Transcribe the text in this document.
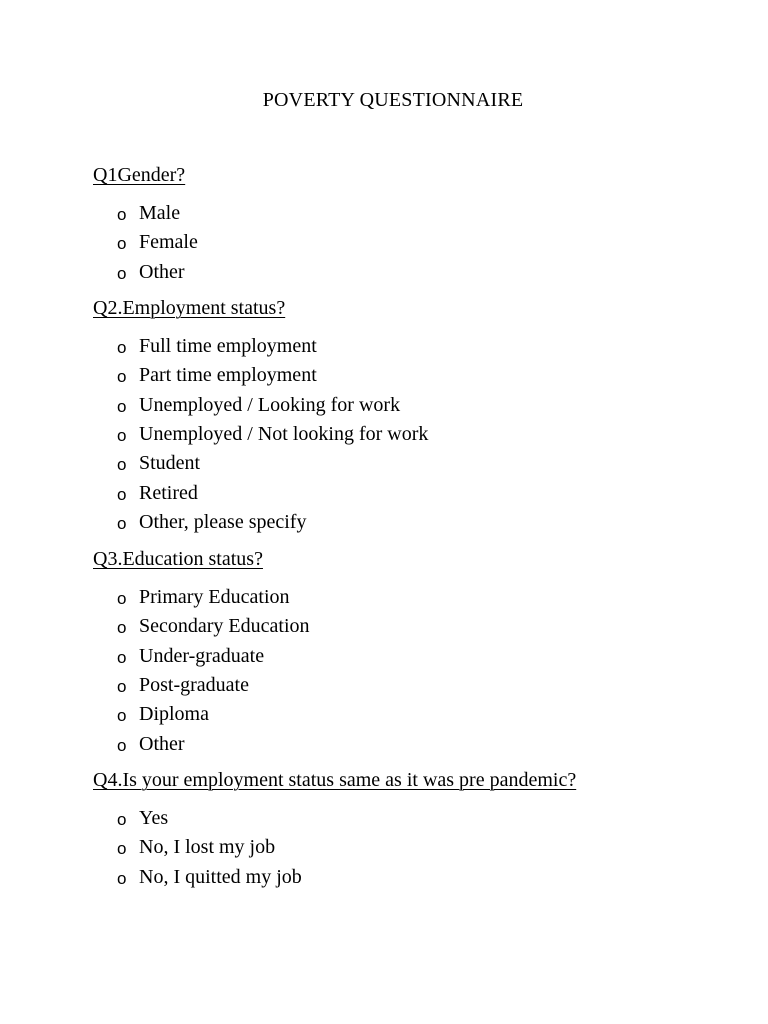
POVERTY QUESTIONNAIRE
Q1Gender?
o Male
o Female
o Other
Q2.Employment status?
o Full time employment
o Part time employment
o Unemployed / Looking for work
o Unemployed / Not looking for work
o Student
o Retired
o Other, please specify
Q3.Education status?
o Primary Education
o Secondary Education
o Under-graduate
o Post-graduate
o Diploma
o Other
Q4.Is your employment status same as it was pre pandemic?
o Yes
o No, I lost my job
o No, I quitted my job
